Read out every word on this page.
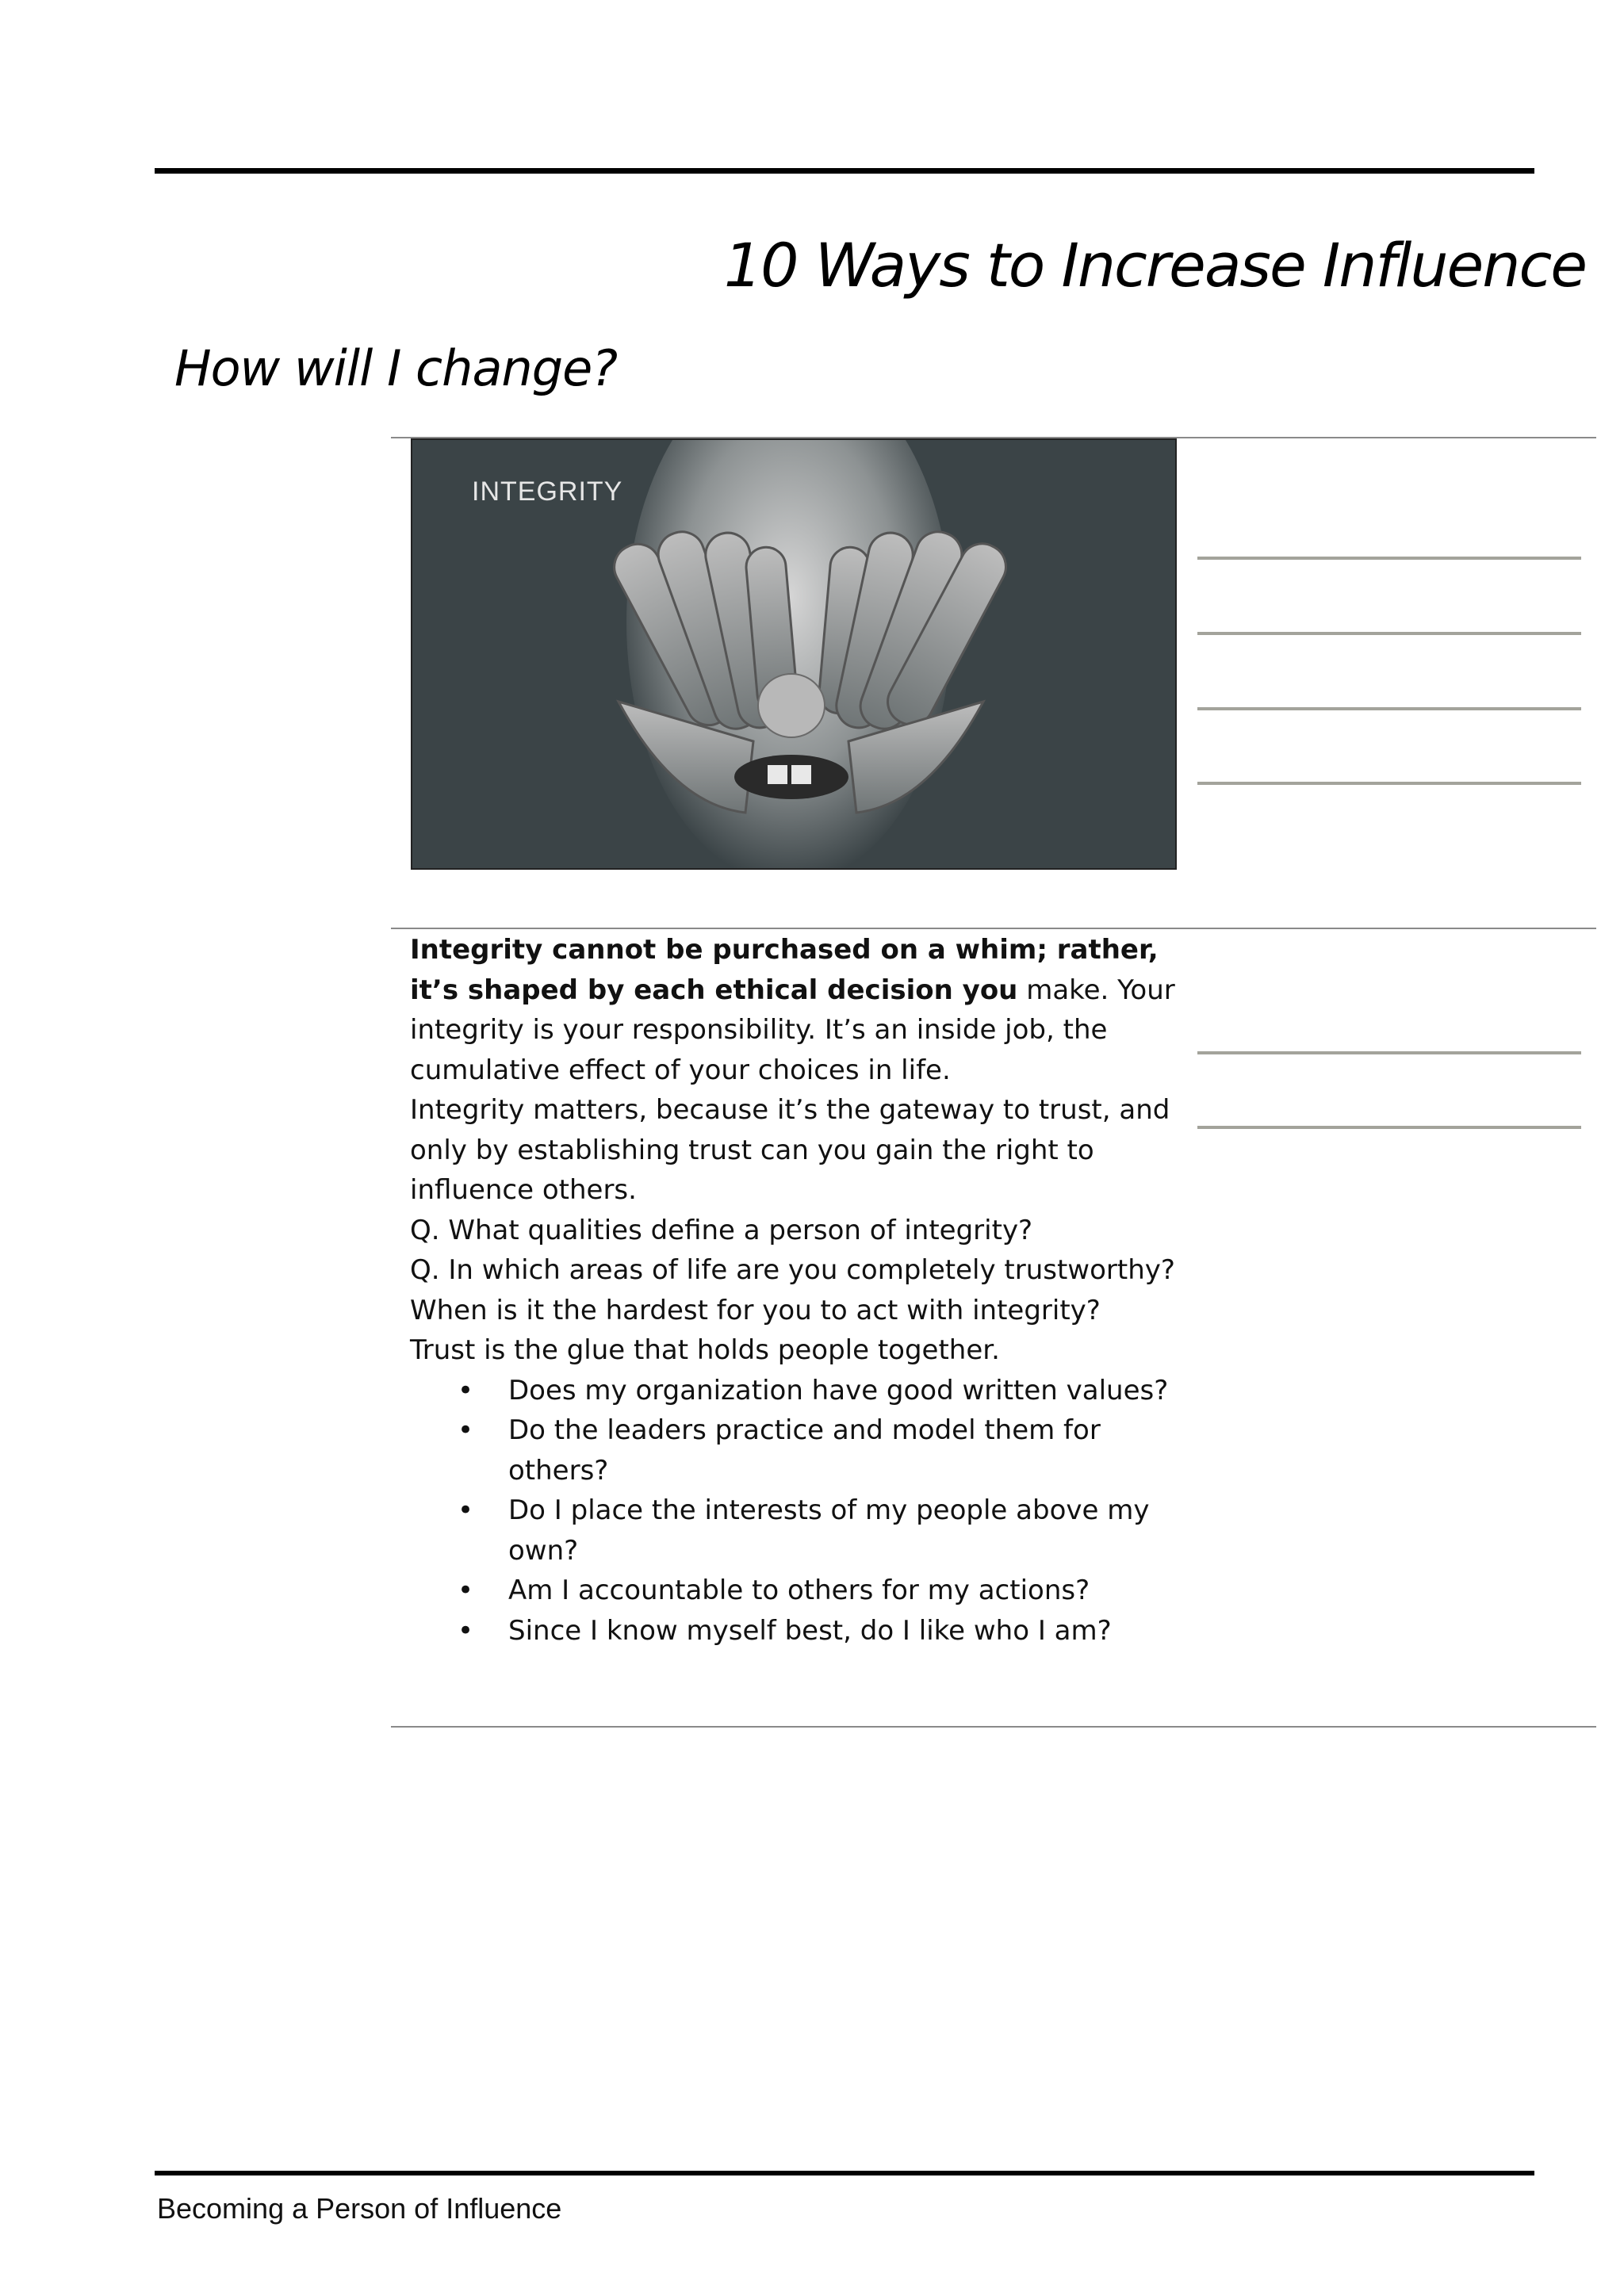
10 Ways to Increase Influence
How will I change?
INTEGRITY

Integrity cannot be purchased on a whim; rather, it’s shaped by each ethical decision you make. Your integrity is your responsibility. It’s an inside job, the cumulative effect of your choices in life.

Integrity matters, because it’s the gateway to trust, and only by establishing trust can you gain the right to influence others.

Q. What qualities define a person of integrity?

Q. In which areas of life are you completely trustworthy? When is it the hardest for you to act with integrity?

Trust is the glue that holds people together.

• Does my organization have good written values?
• Do the leaders practice and model them for others?
• Do I place the interests of my people above my own?
• Am I accountable to others for my actions?
• Since I know myself best, do I like who I am?
Becoming a Person of Influence
